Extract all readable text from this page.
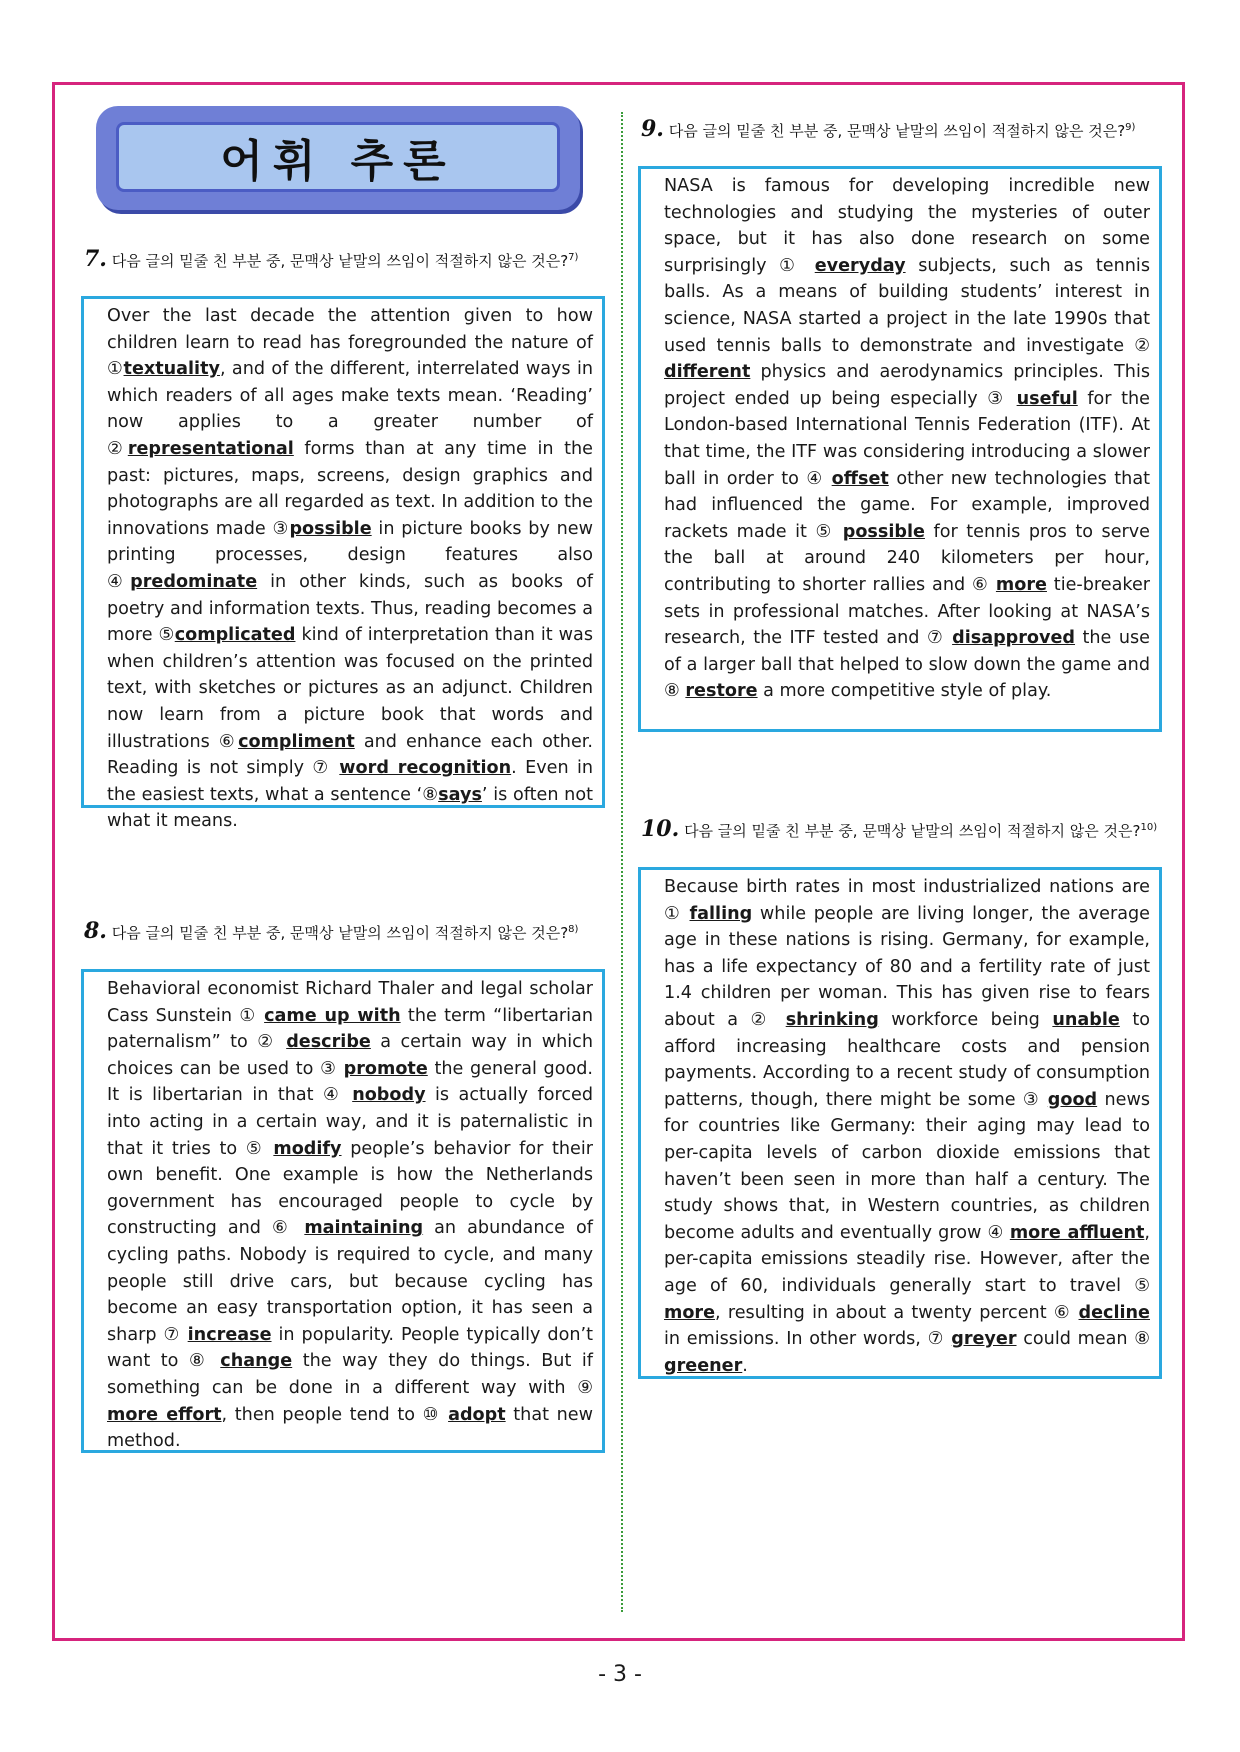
어휘 추론
7. 다음 글의 밑줄 친 부분 중, 문맥상 낱말의 쓰임이 적절하지 않은 것은?$^{7)}$
Over the last decade the attention given to how children learn to read has foregrounded the nature of ①textuality, and of the different, interrelated ways in which readers of all ages make texts mean. ‘Reading’ now applies to a greater number of ②representational forms than at any time in the past: pictures, maps, screens, design graphics and photographs are all regarded as text. In addition to the innovations made ③possible in picture books by new printing processes, design features also ④predominate in other kinds, such as books of poetry and information texts. Thus, reading becomes a more ⑤complicated kind of interpretation than it was when children’s attention was focused on the printed text, with sketches or pictures as an adjunct. Children now learn from a picture book that words and illustrations ⑥compliment and enhance each other. Reading is not simply ⑦ word recognition. Even in the easiest texts, what a sentence ‘⑧says’ is often not what it means.
8. 다음 글의 밑줄 친 부분 중, 문맥상 낱말의 쓰임이 적절하지 않은 것은?$^{8)}$
Behavioral economist Richard Thaler and legal scholar Cass Sunstein ① came up with the term “libertarian paternalism” to ② describe a certain way in which choices can be used to ③ promote the general good. It is libertarian in that ④ nobody is actually forced into acting in a certain way, and it is paternalistic in that it tries to ⑤ modify people’s behavior for their own benefit. One example is how the Netherlands government has encouraged people to cycle by constructing and ⑥ maintaining an abundance of cycling paths. Nobody is required to cycle, and many people still drive cars, but because cycling has become an easy transportation option, it has seen a sharp ⑦ increase in popularity. People typically don’t want to ⑧ change the way they do things. But if something can be done in a different way with ⑨ more effort, then people tend to ⑩ adopt that new method.
9. 다음 글의 밑줄 친 부분 중, 문맥상 낱말의 쓰임이 적절하지 않은 것은?$^{9)}$
NASA is famous for developing incredible new technologies and studying the mysteries of outer space, but it has also done research on some surprisingly ① everyday subjects, such as tennis balls. As a means of building students’ interest in science, NASA started a project in the late 1990s that used tennis balls to demonstrate and investigate ② different physics and aerodynamics principles. This project ended up being especially ③ useful for the London-based International Tennis Federation (ITF). At that time, the ITF was considering introducing a slower ball in order to ④ offset other new technologies that had influenced the game. For example, improved rackets made it ⑤ possible for tennis pros to serve the ball at around 240 kilometers per hour, contributing to shorter rallies and ⑥ more tie-breaker sets in professional matches. After looking at NASA’s research, the ITF tested and ⑦ disapproved the use of a larger ball that helped to slow down the game and ⑧ restore a more competitive style of play.
10. 다음 글의 밑줄 친 부분 중, 문맥상 낱말의 쓰임이 적절하지 않은 것은?$^{10)}$
Because birth rates in most industrialized nations are ① falling while people are living longer, the average age in these nations is rising. Germany, for example, has a life expectancy of 80 and a fertility rate of just 1.4 children per woman. This has given rise to fears about a ② shrinking workforce being unable to afford increasing healthcare costs and pension payments. According to a recent study of consumption patterns, though, there might be some ③ good news for countries like Germany: their aging may lead to per-capita levels of carbon dioxide emissions that haven’t been seen in more than half a century. The study shows that, in Western countries, as children become adults and eventually grow ④ more affluent, per-capita emissions steadily rise. However, after the age of 60, individuals generally start to travel ⑤ more, resulting in about a twenty percent ⑥ decline in emissions. In other words, ⑦ greyer could mean ⑧ greener.
- 3 -
